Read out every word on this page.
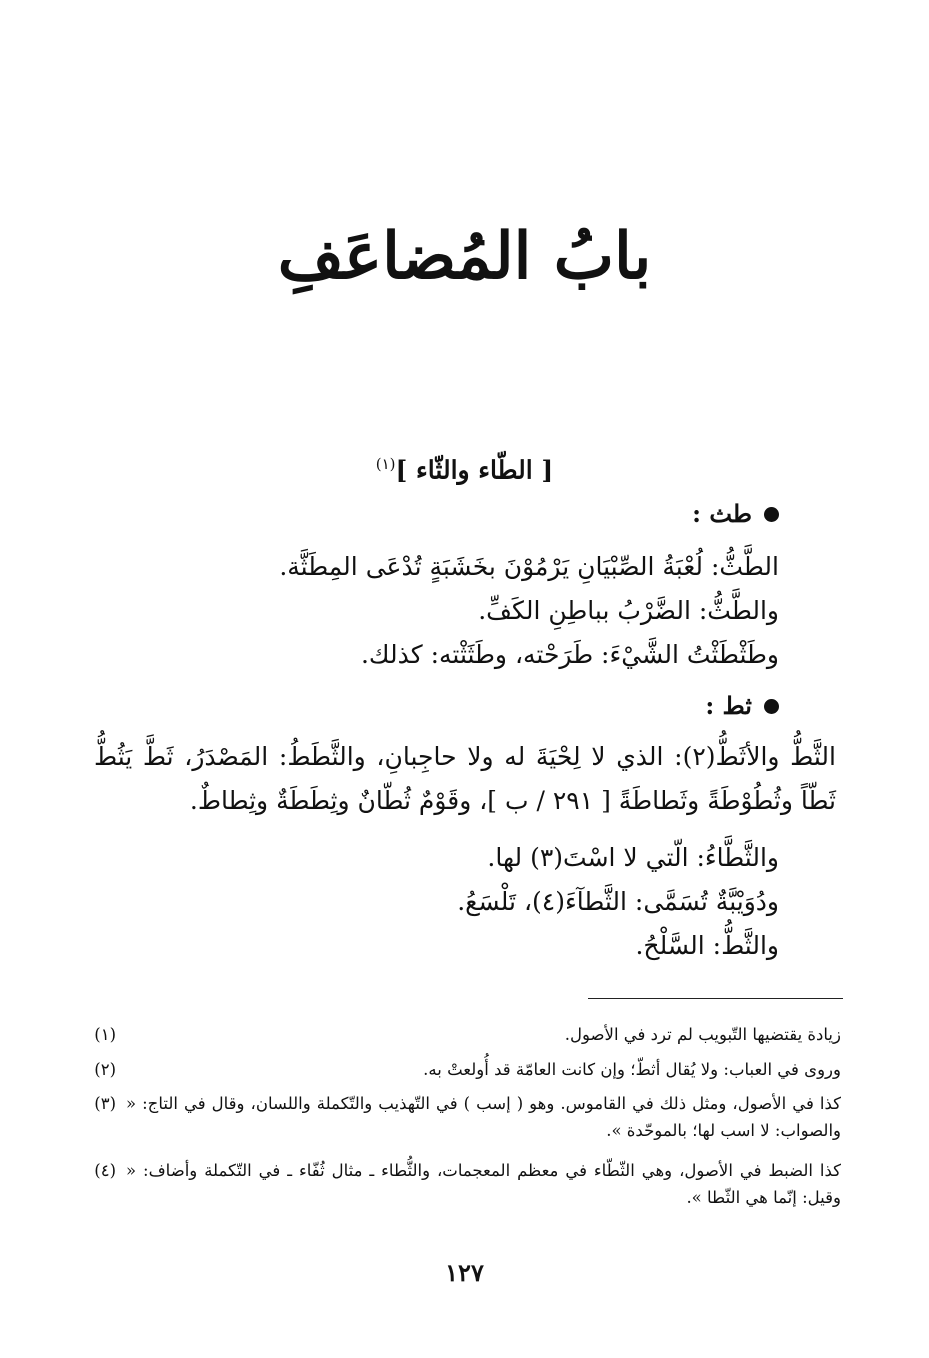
بابُ المُضاعَفِ
[ الطّاء والثّاء ]$^{(١)}$
طث :
الطَّثُّ: لُعْبَةُ الصِّبْيَانِ يَرْمُوْنَ بخَشَبَةٍ تُدْعَى المِطَثَّة.
والطَّثُّ: الضَّرْبُ بباطِنِ الكَفِّ.
وطَثْطَثْتُ الشَّيْءَ: طَرَحْته، وطَثَثْته: كذلك.
ثط :
الثَّطُّ والأثَطُّ(٢): الذي لا لِحْيَةَ له ولا حاجِبانِ، والثَّطَطُ: المَصْدَرُ، ثَطَّ يَثُطُّ ثَطّاً وثُطُوْطَةً وثَطاطَةً [ ٢٩١ / ب ]، وقَوْمٌ ثُطّانٌ وثِطَطَةٌ وثِطاطٌ.
والثَّطَّاءُ: الّتي لا اسْتَ(٣) لها.
ودُوَيْبَّةٌ تُسَمَّى: الثَّطآءَ(٤)، تَلْسَعُ.
والثَّطُّ: السَّلْحُ.
(١)	زيادة يقتضيها التّبويب لم ترد في الأصول.
(٢)	وروى في العباب: ولا يُقال أثطّ؛ وإن كانت العامّة قد أُولعتْ به.
(٣) كذا في الأصول، ومثل ذلك في القاموس. وهو ( إسب ) في التّهذيب والتّكملة واللسان، وقال في التاج: « والصواب: لا اسب لها؛ بالموحّدة ».
(٤) كذا الضبط في الأصول، وهي الثّطّاء في معظم المعجمات، والثُّطاء ـ مثال ثُفّاء ـ في التّكملة وأضاف: « وقيل: إنّما هي الثّطا ».
١٢٧
